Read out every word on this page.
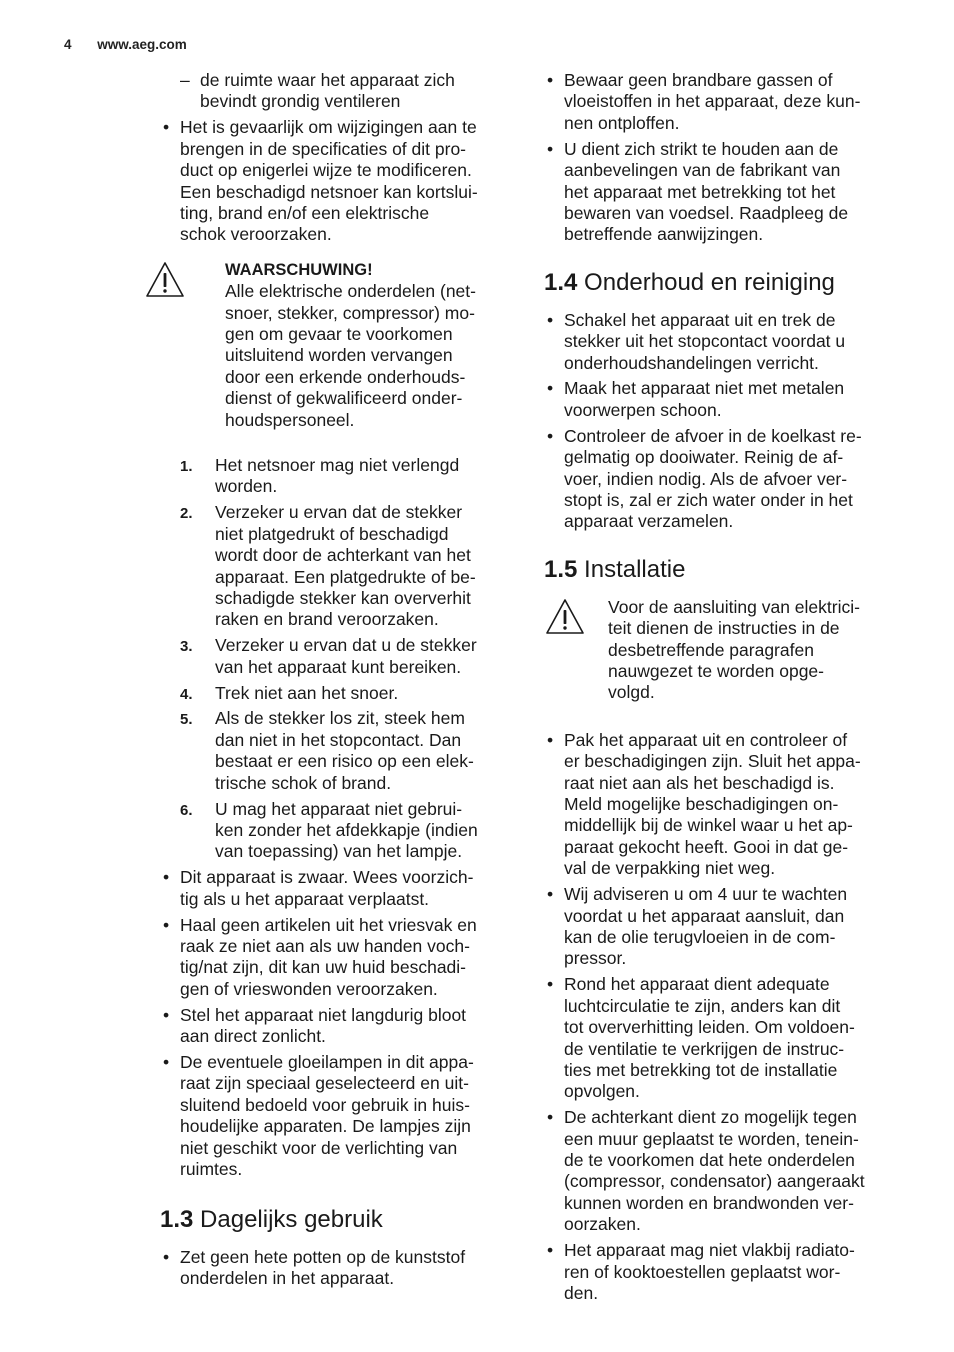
4 www.aeg.com
– de ruimte waar het apparaat zich

bevindt grondig ventileren

• Het is gevaarlijk om wijzigingen aan te

brengen in de specificaties of dit pro-

duct op enigerlei wijze te modificeren.

Een beschadigd netsnoer kan kortslui-

ting, brand en/of een elektrische

schok veroorzaken.

WAARSCHUWING!

Alle elektrische onderdelen (net-

snoer, stekker, compressor) mo-

gen om gevaar te voorkomen

uitsluitend worden vervangen

door een erkende onderhouds-

dienst of gekwalificeerd onder-

houdspersoneel.

1. Het netsnoer mag niet verlengd

worden.

2. Verzeker u ervan dat de stekker

niet platgedrukt of beschadigd

wordt door de achterkant van het

apparaat. Een platgedrukte of be-

schadigde stekker kan oververhit

raken en brand veroorzaken.

3. Verzeker u ervan dat u de stekker

van het apparaat kunt bereiken.

4. Trek niet aan het snoer.

5. Als de stekker los zit, steek hem

dan niet in het stopcontact. Dan

bestaat er een risico op een elek-

trische schok of brand.

6. U mag het apparaat niet gebrui-

ken zonder het afdekkapje (indien

van toepassing) van het lampje.

• Dit apparaat is zwaar. Wees voorzich-

tig als u het apparaat verplaatst.

• Haal geen artikelen uit het vriesvak en

raak ze niet aan als uw handen voch-

tig/nat zijn, dit kan uw huid beschadi-

gen of vrieswonden veroorzaken.

• Stel het apparaat niet langdurig bloot

aan direct zonlicht.

• De eventuele gloeilampen in dit appa-

raat zijn speciaal geselecteerd en uit-

sluitend bedoeld voor gebruik in huis-

houdelijke apparaten. De lampjes zijn

niet geschikt voor de verlichting van

ruimtes.

1.3 Dagelijks gebruik
• Zet geen hete potten op de kunststof

onderdelen in het apparaat.

• Bewaar geen brandbare gassen of

vloeistoffen in het apparaat, deze kun-

nen ontploffen.

• U dient zich strikt te houden aan de

aanbevelingen van de fabrikant van

het apparaat met betrekking tot het

bewaren van voedsel. Raadpleeg de

betreffende aanwijzingen.

1.4 Onderhoud en reiniging
• Schakel het apparaat uit en trek de

stekker uit het stopcontact voordat u

onderhoudshandelingen verricht.

• Maak het apparaat niet met metalen

voorwerpen schoon.

• Controleer de afvoer in de koelkast re-

gelmatig op dooiwater. Reinig de af-

voer, indien nodig. Als de afvoer ver-

stopt is, zal er zich water onder in het

apparaat verzamelen.

1.5 Installatie

Voor de aansluiting van elektrici-

teit dienen de instructies in de

desbetreffende paragrafen

nauwgezet te worden opge-

volgd.

• Pak het apparaat uit en controleer of

er beschadigingen zijn. Sluit het appa-

raat niet aan als het beschadigd is.

Meld mogelijke beschadigingen on-

middellijk bij de winkel waar u het ap-

paraat gekocht heeft. Gooi in dat ge-

val de verpakking niet weg.

• Wij adviseren u om 4 uur te wachten

voordat u het apparaat aansluit, dan

kan de olie terugvloeien in de com-

pressor.

• Rond het apparaat dient adequate

luchtcirculatie te zijn, anders kan dit

tot oververhitting leiden. Om voldoen-

de ventilatie te verkrijgen de instruc-

ties met betrekking tot de installatie

opvolgen.

• De achterkant dient zo mogelijk tegen

een muur geplaatst te worden, tenein-

de te voorkomen dat hete onderdelen

(compressor, condensator) aangeraakt

kunnen worden en brandwonden ver-

oorzaken.

• Het apparaat mag niet vlakbij radiato-

ren of kooktoestellen geplaatst wor-

den.
